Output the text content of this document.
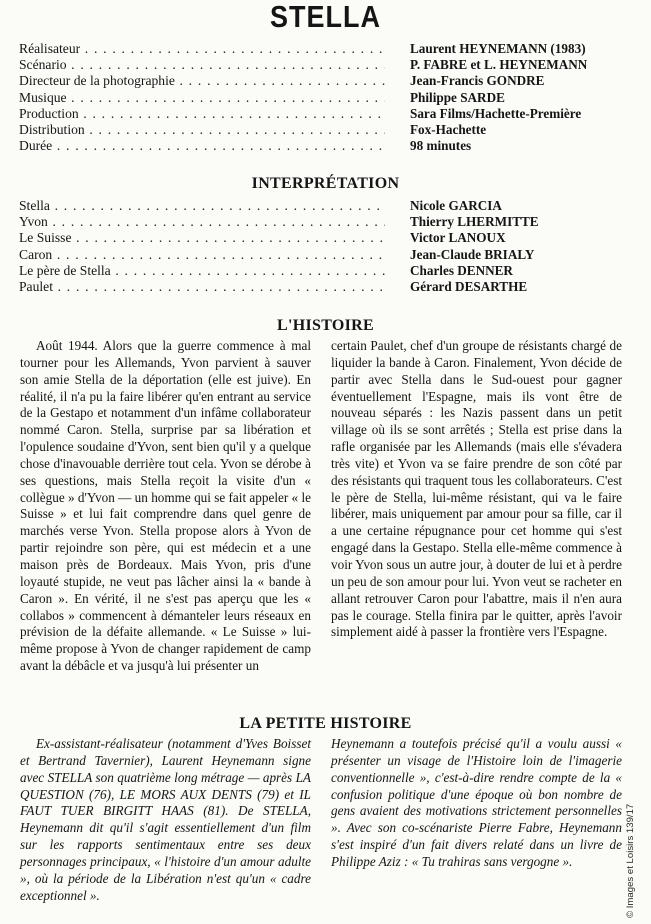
STELLA
Réalisateur . . .	Laurent HEYNEMANN (1983)
Scénario . . .	P. FABRE et L. HEYNEMANN
Directeur de la photographie . . .	Jean-Francis GONDRE
Musique . . .	Philippe SARDE
Production . . .	Sara Films/Hachette-Première
Distribution . . .	Fox-Hachette
Durée . . .	98 minutes
INTERPRÉTATION
Stella . . .	Nicole GARCIA
Yvon . . .	Thierry LHERMITTE
Le Suisse . . .	Victor LANOUX
Caron . . .	Jean-Claude BRIALY
Le père de Stella . . .	Charles DENNER
Paulet . . .	Gérard DESARTHE
L'HISTOIRE

Août 1944. Alors que la guerre commence à mal tourner pour les Allemands, Yvon parvient à sauver son amie Stella de la déportation (elle est juive). En réalité, il n'a pu la faire libérer qu'en entrant au service de la Gestapo et notamment d'un infâme collaborateur nommé Caron. Stella, surprise par sa libération et l'opulence soudaine d'Yvon, sent bien qu'il y a quelque chose d'inavouable derrière tout cela. Yvon se dérobe à ses questions, mais Stella reçoit la visite d'un « collègue » d'Yvon — un homme qui se fait appeler « le Suisse » et lui fait comprendre dans quel genre de marchés verse Yvon. Stella propose alors à Yvon de partir rejoindre son père, qui est médecin et a une maison près de Bordeaux. Mais Yvon, pris d'une loyauté stupide, ne veut pas lâcher ainsi la « bande à Caron ». En vérité, il ne s'est pas aperçu que les « collabos » commencent à démanteler leurs réseaux en prévision de la défaite allemande. « Le Suisse » lui-même propose à Yvon de changer rapidement de camp avant la débâcle et va jusqu'à lui présenter un

certain Paulet, chef d'un groupe de résistants chargé de liquider la bande à Caron. Finalement, Yvon décide de partir avec Stella dans le Sud-ouest pour gagner éventuellement l'Espagne, mais ils vont être de nouveau séparés : les Nazis passent dans un petit village où ils se sont arrêtés ; Stella est prise dans la rafle organisée par les Allemands (mais elle s'évadera très vite) et Yvon va se faire prendre de son côté par des résistants qui traquent tous les collaborateurs. C'est le père de Stella, lui-même résistant, qui va le faire libérer, mais uniquement par amour pour sa fille, car il a une certaine répugnance pour cet homme qui s'est engagé dans la Gestapo. Stella elle-même commence à voir Yvon sous un autre jour, à douter de lui et à perdre un peu de son amour pour lui. Yvon veut se racheter en allant retrouver Caron pour l'abattre, mais il n'en aura pas le courage. Stella finira par le quitter, après l'avoir simplement aidé à passer la frontière vers l'Espagne.

LA PETITE HISTOIRE

Ex-assistant-réalisateur (notamment d'Yves Boisset et Bertrand Tavernier), Laurent Heynemann signe avec STELLA son quatrième long métrage — après LA QUESTION (76), LE MORS AUX DENTS (79) et IL FAUT TUER BIRGITT HAAS (81). De STELLA, Heynemann dit qu'il s'agit essentiellement d'un film sur les rapports sentimentaux entre ses deux personnages principaux, « l'histoire d'un amour adulte », où la période de la Libération n'est qu'un « cadre exceptionnel ».

Heynemann a toutefois précisé qu'il a voulu aussi « présenter un visage de l'Histoire loin de l'imagerie conventionnelle », c'est-à-dire rendre compte de la « confusion politique d'une époque où bon nombre de gens avaient des motivations strictement personnelles ». Avec son co-scénariste Pierre Fabre, Heynemann s'est inspiré d'un fait divers relaté dans un livre de Philippe Aziz : « Tu trahiras sans vergogne ».	© Images et Loisirs 139/17
